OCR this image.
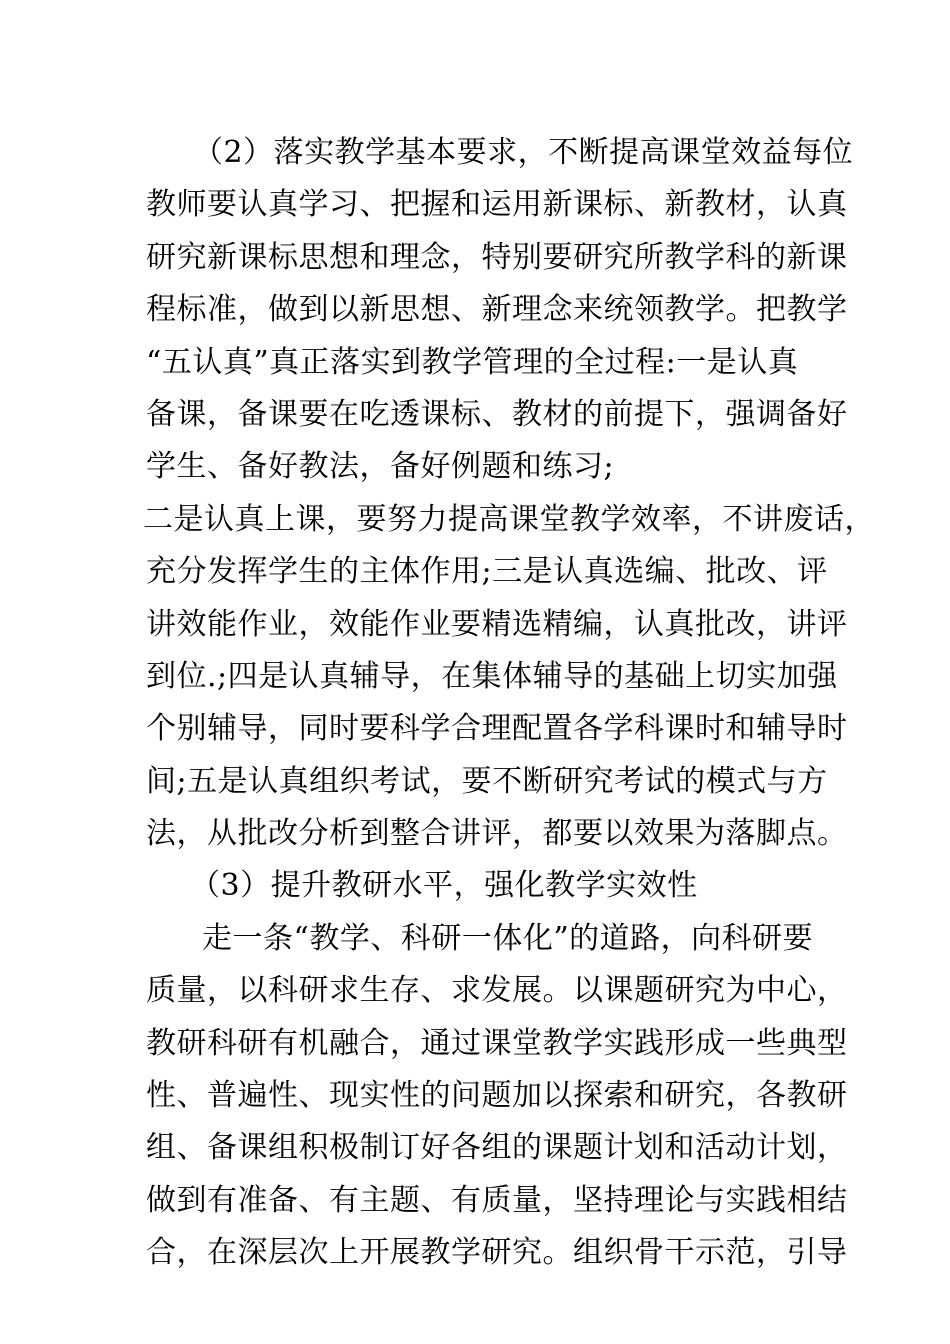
（2）落实教学基本要求，不断提高课堂效益每位
教师要认真学习、把握和运用新课标、新教材，认真
研究新课标思想和理念，特别要研究所教学科的新课
程标准，做到以新思想、新理念来统领教学。把教学
“五认真”真正落实到教学管理的全过程:一是认真
备课，备课要在吃透课标、教材的前提下，强调备好
学生、备好教法，备好例题和练习;
二是认真上课，要努力提高课堂教学效率，不讲废话，
充分发挥学生的主体作用;三是认真选编、批改、评
讲效能作业，效能作业要精选精编，认真批改，讲评
到位.;四是认真辅导，在集体辅导的基础上切实加强
个别辅导，同时要科学合理配置各学科课时和辅导时
间;五是认真组织考试，要不断研究考试的模式与方
法，从批改分析到整合讲评，都要以效果为落脚点。
（3）提升教研水平，强化教学实效性
走一条“教学、科研一体化”的道路，向科研要
质量，以科研求生存、求发展。以课题研究为中心，
教研科研有机融合，通过课堂教学实践形成一些典型
性、普遍性、现实性的问题加以探索和研究，各教研
组、备课组积极制订好各组的课题计划和活动计划，
做到有准备、有主题、有质量，坚持理论与实践相结
合，在深层次上开展教学研究。组织骨干示范，引导
